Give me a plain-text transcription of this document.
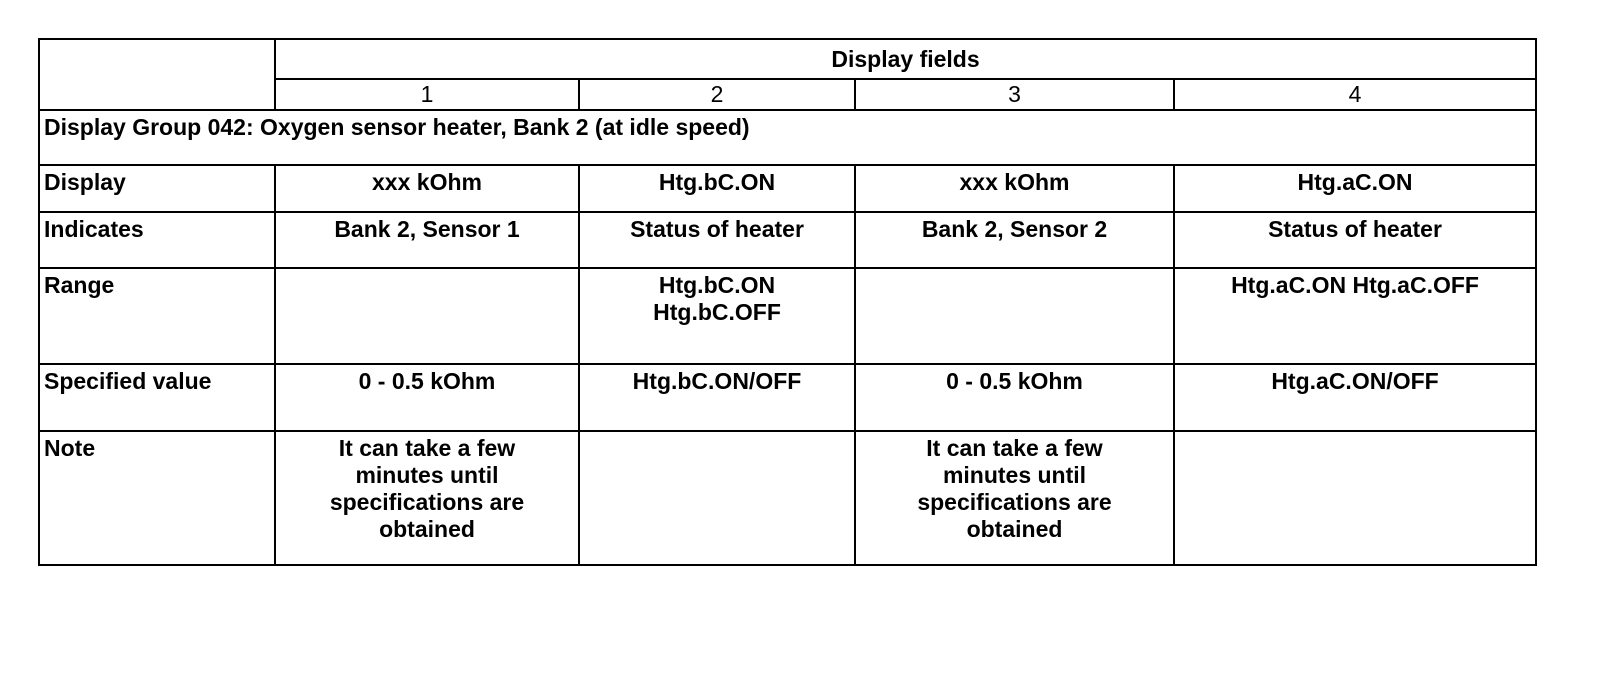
	Display fields			
	1	2	3	4
Display Group 042: Oxygen sensor heater, Bank 2 (at idle speed)				
Display	xxx kOhm	Htg.bC.ON	xxx kOhm	Htg.aC.ON
Indicates	Bank 2, Sensor 1	Status of heater	Bank 2, Sensor 2	Status of heater
Range		Htg.bC.ON Htg.bC.OFF		Htg.aC.ON Htg.aC.OFF
Specified value	0 - 0.5 kOhm	Htg.bC.ON/OFF	0 - 0.5 kOhm	Htg.aC.ON/OFF
Note	It can take a few minutes until specifications are obtained		It can take a few minutes until specifications are obtained	
